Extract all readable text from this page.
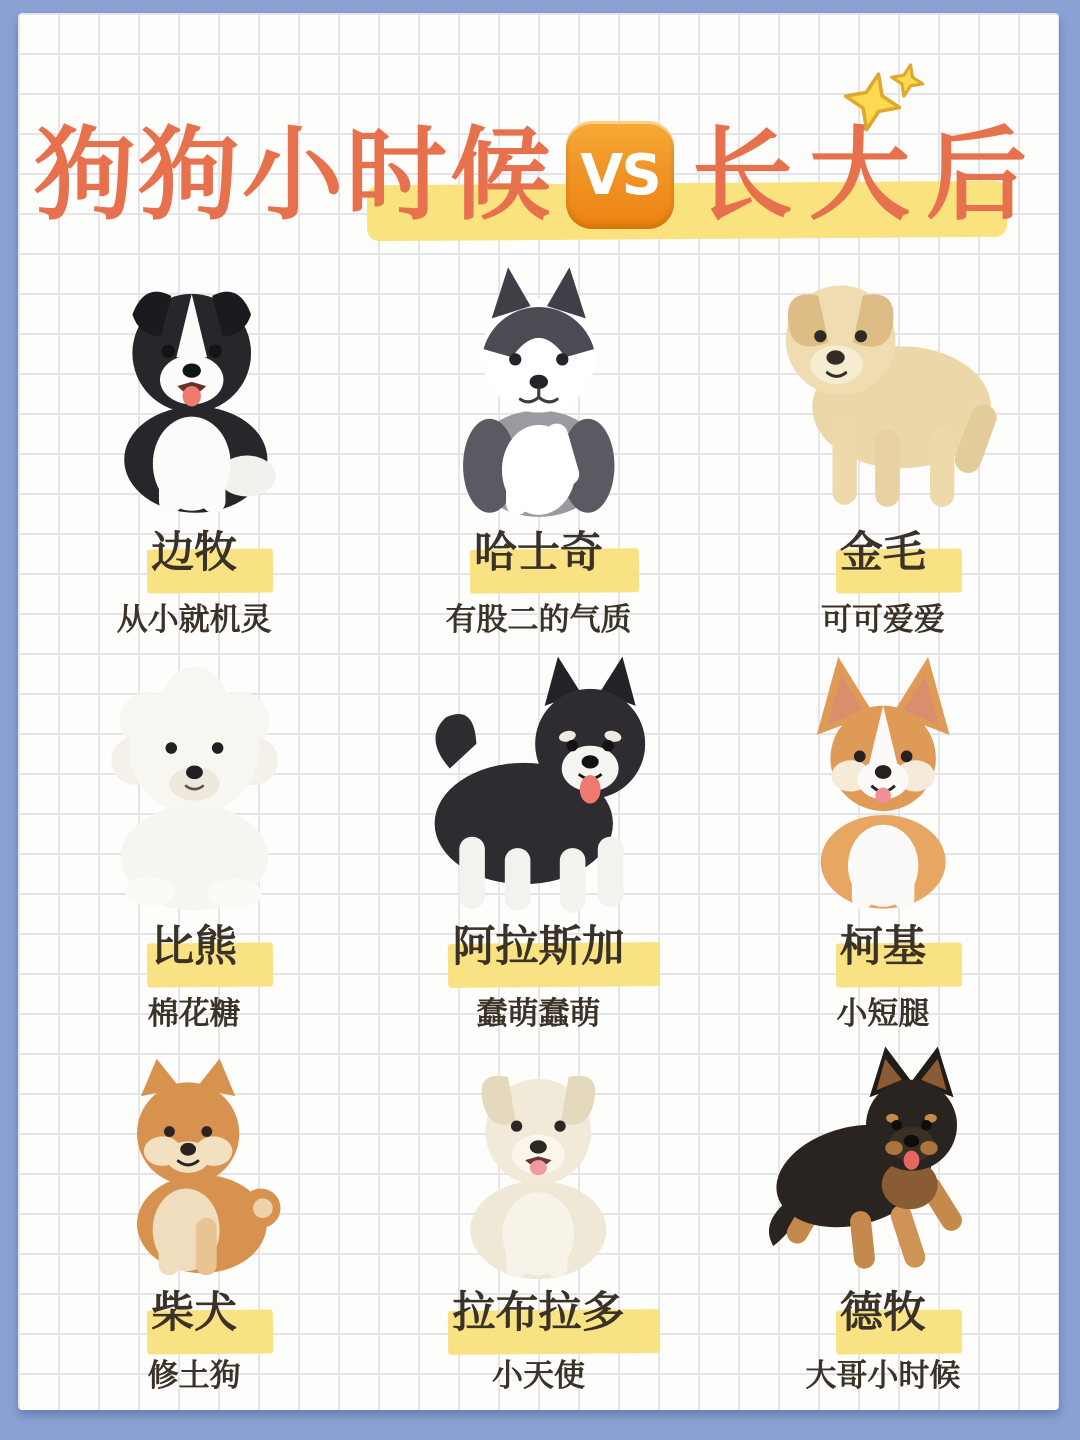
狗狗小时候 VS 长大后
边牧
从小就机灵
哈士奇
有股二的气质
金毛
可可爱爱
比熊
棉花糖
阿拉斯加
蠢萌蠢萌
柯基
小短腿
柴犬
修土狗
拉布拉多
小天使
德牧
大哥小时候
